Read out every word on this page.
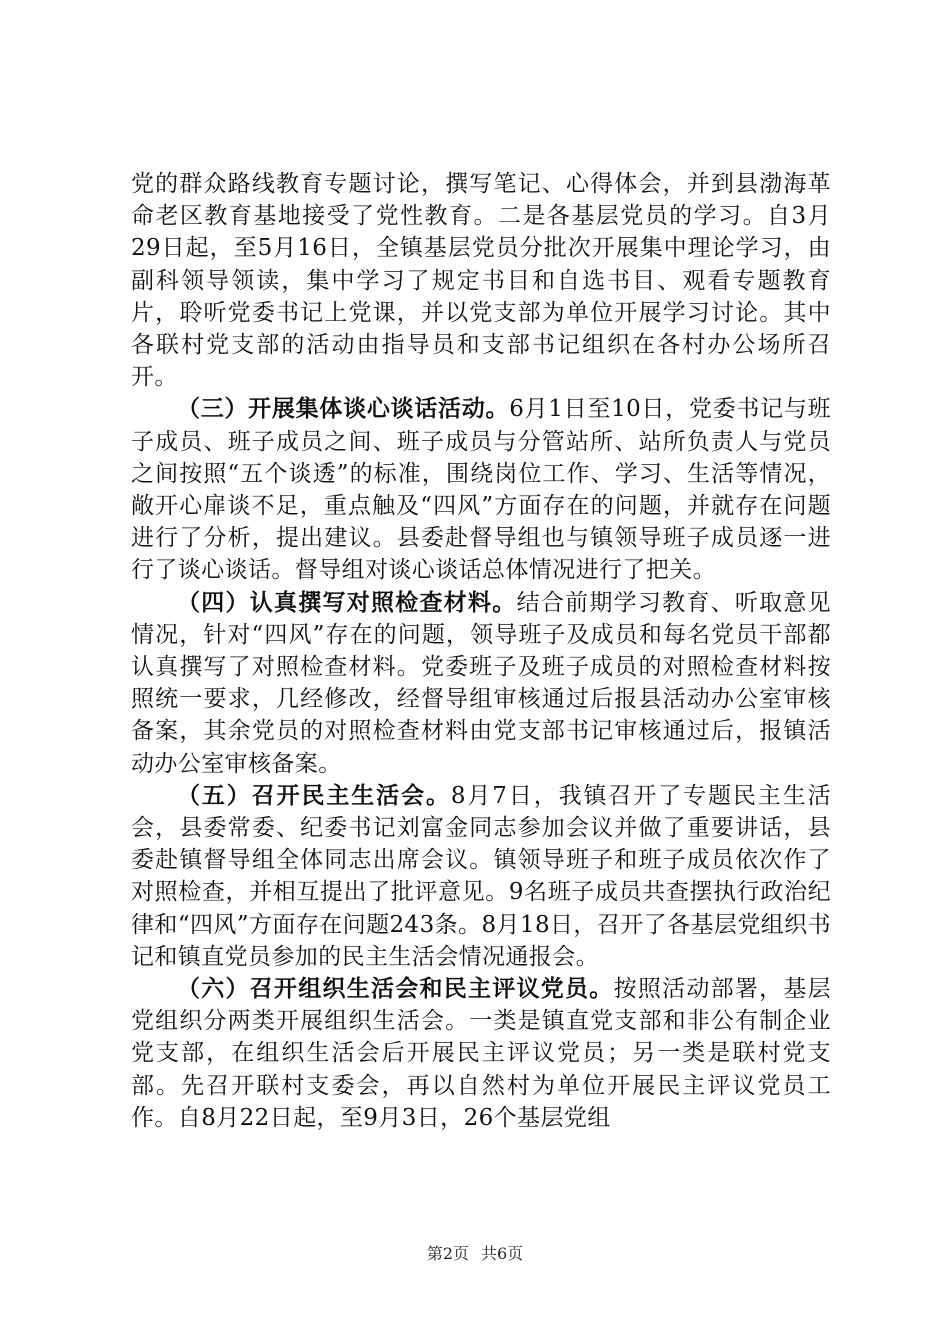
党的群众路线教育专题讨论，撰写笔记、心得体会，并到县渤海革命老区教育基地接受了党性教育。二是各基层党员的学习。自3月29日起，至5月16日，全镇基层党员分批次开展集中理论学习，由副科领导领读，集中学习了规定书目和自选书目、观看专题教育片，聆听党委书记上党课，并以党支部为单位开展学习讨论。其中各联村党支部的活动由指导员和支部书记组织在各村办公场所召开。

（三）开展集体谈心谈话活动。6月1日至10日，党委书记与班子成员、班子成员之间、班子成员与分管站所、站所负责人与党员之间按照“五个谈透”的标准，围绕岗位工作、学习、生活等情况，敞开心扉谈不足，重点触及“四风”方面存在的问题，并就存在问题进行了分析，提出建议。县委赴督导组也与镇领导班子成员逐一进行了谈心谈话。督导组对谈心谈话总体情况进行了把关。

（四）认真撰写对照检查材料。结合前期学习教育、听取意见情况，针对“四风”存在的问题，领导班子及成员和每名党员干部都认真撰写了对照检查材料。党委班子及班子成员的对照检查材料按照统一要求，几经修改，经督导组审核通过后报县活动办公室审核备案，其余党员的对照检查材料由党支部书记审核通过后，报镇活动办公室审核备案。

（五）召开民主生活会。8月7日，我镇召开了专题民主生活会，县委常委、纪委书记刘富金同志参加会议并做了重要讲话，县委赴镇督导组全体同志出席会议。镇领导班子和班子成员依次作了对照检查，并相互提出了批评意见。9名班子成员共查摆执行政治纪律和“四风”方面存在问题243条。8月18日，召开了各基层党组织书记和镇直党员参加的民主生活会情况通报会。

（六）召开组织生活会和民主评议党员。按照活动部署，基层党组织分两类开展组织生活会。一类是镇直党支部和非公有制企业党支部，在组织生活会后开展民主评议党员；另一类是联村党支部。先召开联村支委会，再以自然村为单位开展民主评议党员工作。自8月22日起，至9月3日，26个基层党组

第2页 共6页
